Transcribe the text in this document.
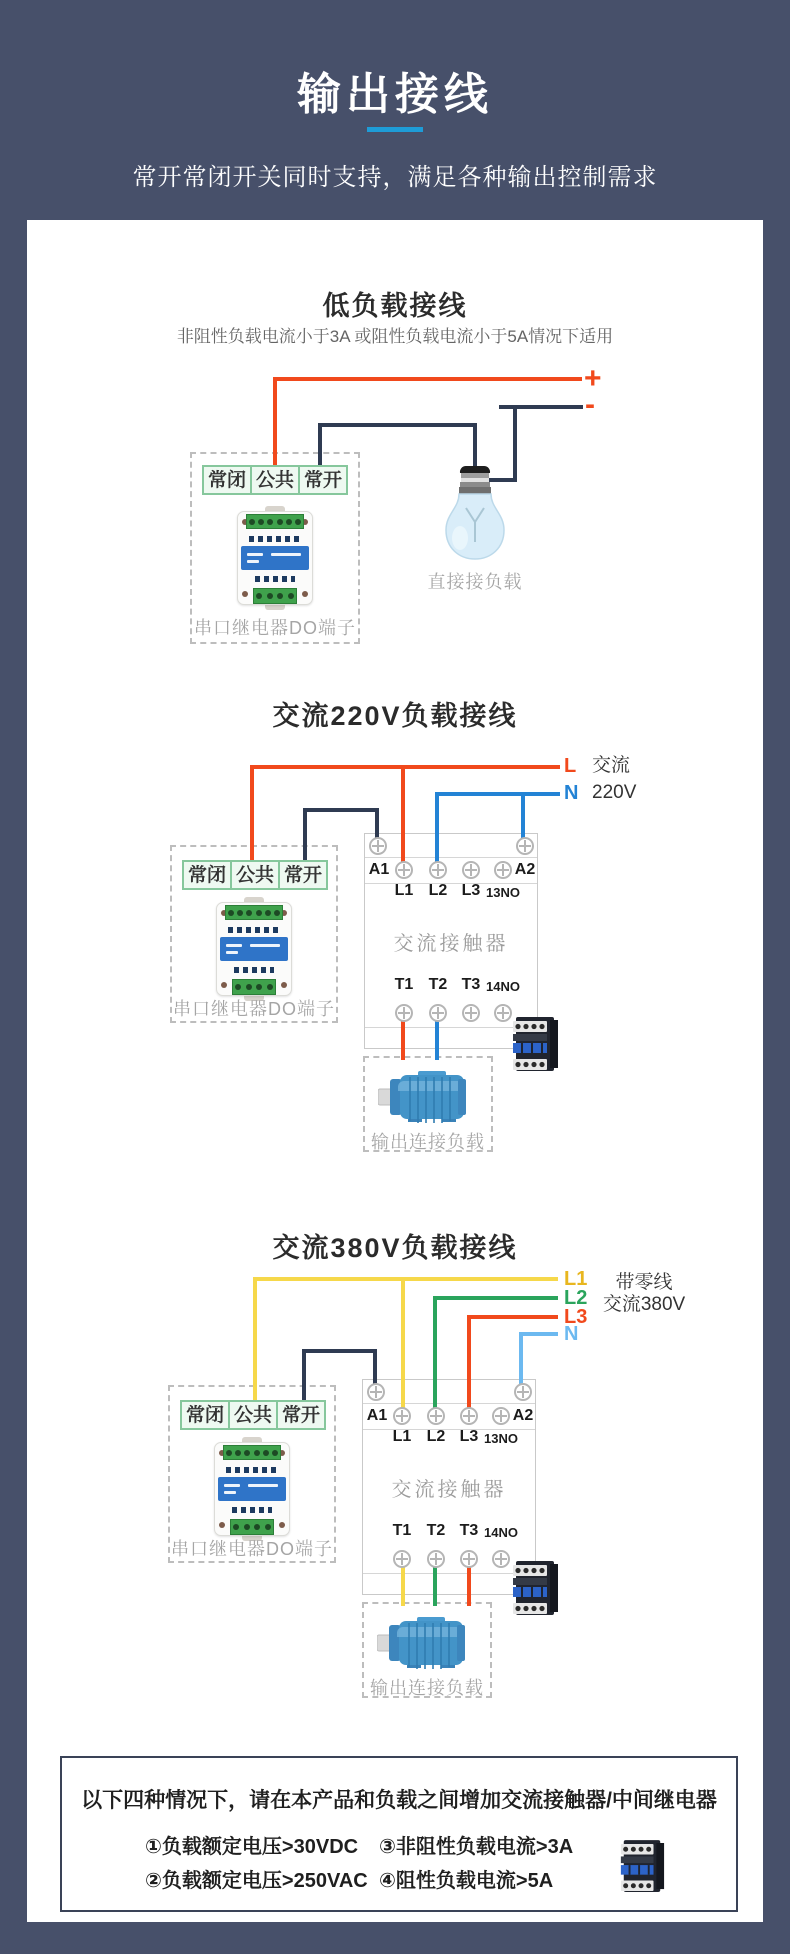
输出接线
常开常闭开关同时支持，满足各种输出控制需求
低负载接线
非阻性负载电流小于3A 或阻性负载电流小于5A情况下适用
+
-
直接接负载
常闭 公共 常开
串口继电器DO端子
交流220V负载接线
L 交流
N 220V
常闭 公共 常开
串口继电器DO端子
A1	A2
L1 L2 L3 13NO
交流接触器
T1 T2 T3 14NO
输出连接负载
交流380V负载接线
L1
L2
L3
N
带零线
交流380V
常闭 公共 常开
串口继电器DO端子
A1	A2
L1 L2 L3 13NO
交流接触器
T1 T2 T3 14NO
输出连接负载
以下四种情况下，请在本产品和负载之间增加交流接触器/中间继电器
①负载额定电压>30VDC
②负载额定电压>250VAC
③非阻性负载电流>3A
④阻性负载电流>5A
